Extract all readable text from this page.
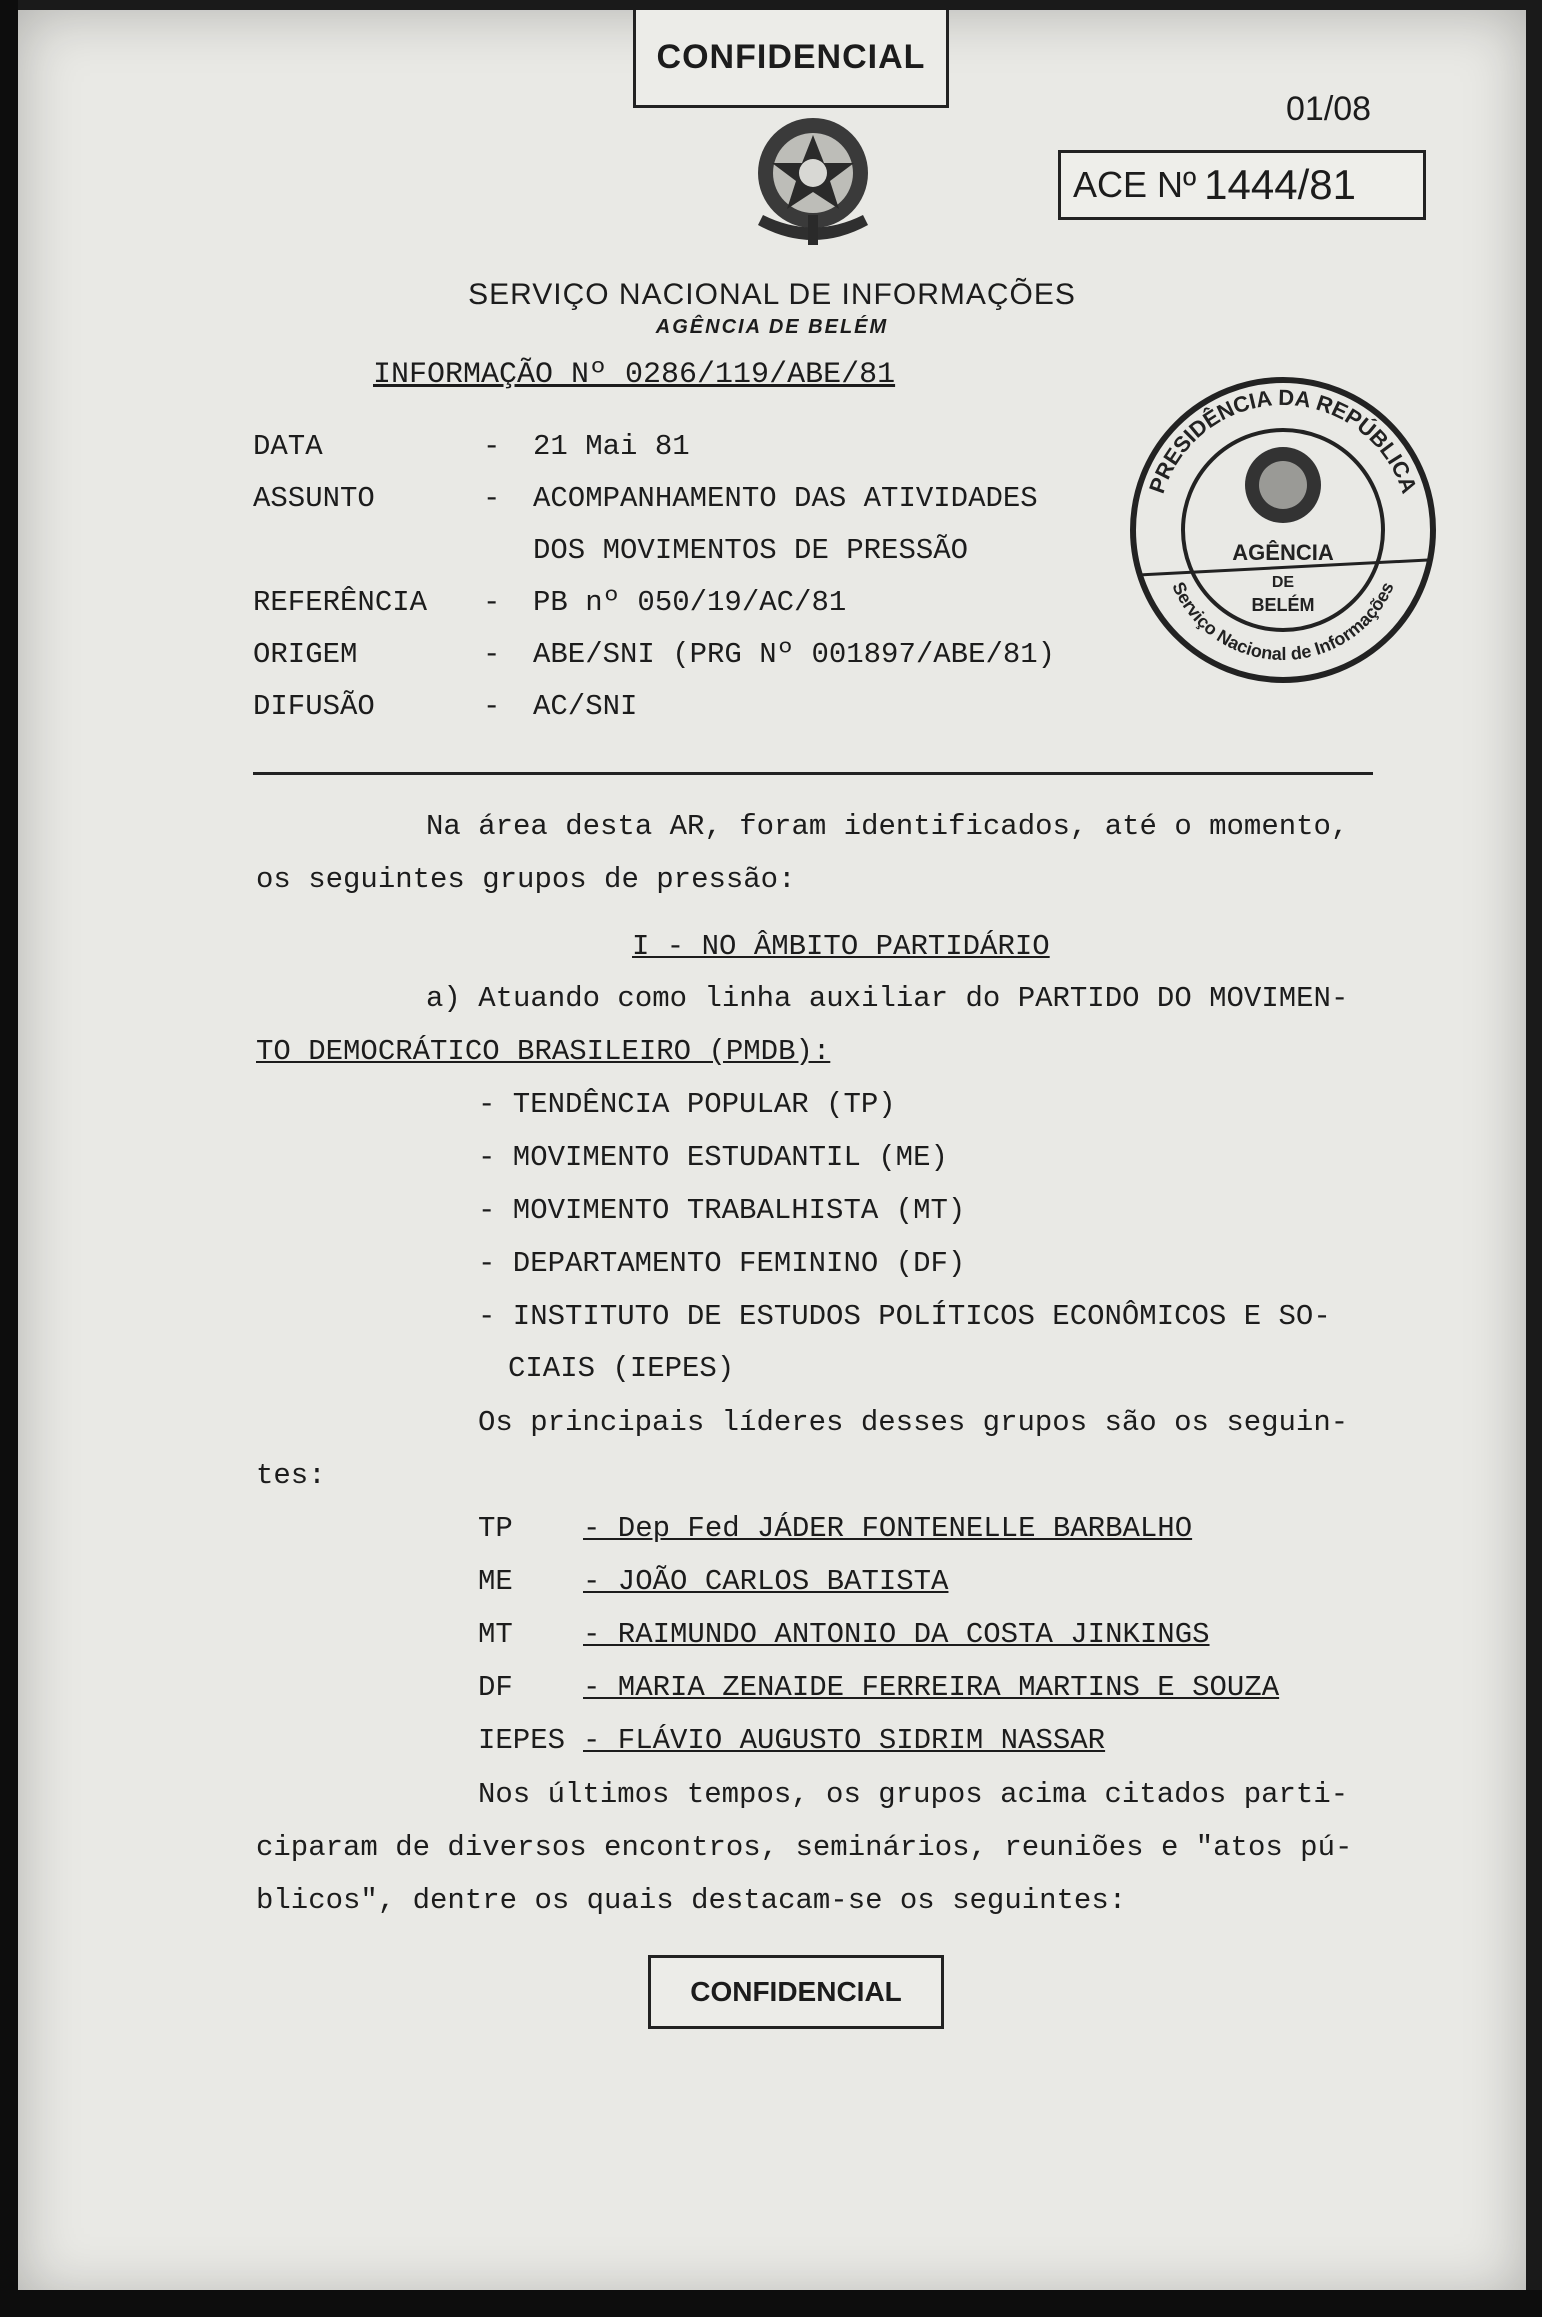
CONFIDENCIAL
01/08
ACE Nº 1444/81
SERVIÇO NACIONAL DE INFORMAÇÕES
AGÊNCIA DE BELÉM
INFORMAÇÃO Nº 0286/119/ABE/81
DATA	- 21 Mai 81
ASSUNTO	- ACOMPANHAMENTO DAS ATIVIDADES
DOS MOVIMENTOS DE PRESSÃO
REFERÊNCIA - PB nº 050/19/AC/81
ORIGEM	- ABE/SNI (PRG Nº 001897/ABE/81)
DIFUSÃO	- AC/SNI
PRESIDÊNCIA DA REPÚBLICA
Serviço Nacional de Informações
AGÊNCIA
DE
BELÉM
Na área desta AR, foram identificados, até o momento,
os seguintes grupos de pressão:
I - NO ÂMBITO PARTIDÁRIO
a) Atuando como linha auxiliar do PARTIDO DO MOVIMEN-
TO DEMOCRÁTICO BRASILEIRO (PMDB):
- TENDÊNCIA POPULAR (TP)
- MOVIMENTO ESTUDANTIL (ME)
- MOVIMENTO TRABALHISTA (MT)
- DEPARTAMENTO FEMININO (DF)
- INSTITUTO DE ESTUDOS POLÍTICOS ECONÔMICOS E SO-
CIAIS (IEPES)
Os principais líderes desses grupos são os seguin-
tes:
TP - Dep Fed JÁDER FONTENELLE BARBALHO
ME - JOÃO CARLOS BATISTA
MT - RAIMUNDO ANTONIO DA COSTA JINKINGS
DF - MARIA ZENAIDE FERREIRA MARTINS E SOUZA
IEPES - FLÁVIO AUGUSTO SIDRIM NASSAR
Nos últimos tempos, os grupos acima citados parti-
ciparam de diversos encontros, seminários, reuniões e "atos pú-
blicos", dentre os quais destacam-se os seguintes:
CONFIDENCIAL
